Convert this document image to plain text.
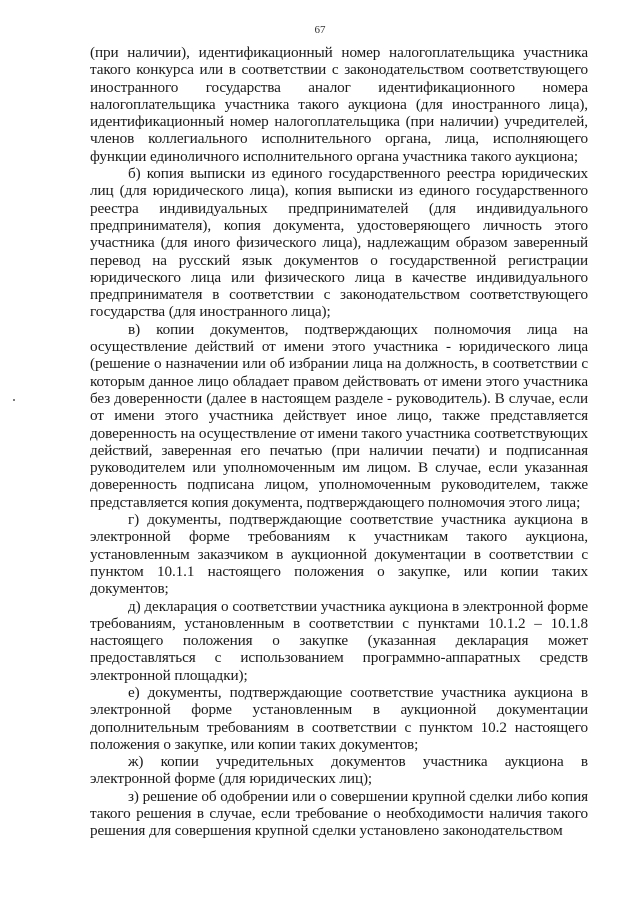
67

(при наличии), идентификационный номер налогоплательщика участника такого конкурса или в соответствии с законодательством соответствующего иностранного государства аналог идентификационного номера налогоплательщика участника такого аукциона (для иностранного лица), идентификационный номер налогоплательщика (при наличии) учредителей, членов коллегиального исполнительного органа, лица, исполняющего функции единоличного исполнительного органа участника такого аукциона;

б) копия выписки из единого государственного реестра юридических лиц (для юридического лица), копия выписки из единого государственного реестра индивидуальных предпринимателей (для индивидуального предпринимателя), копия документа, удостоверяющего личность этого участника (для иного физического лица), надлежащим образом заверенный перевод на русский язык документов о государственной регистрации юридического лица или физического лица в качестве индивидуального предпринимателя в соответствии с законодательством соответствующего государства (для иностранного лица);

в) копии документов, подтверждающих полномочия лица на осуществление действий от имени этого участника - юридического лица (решение о назначении или об избрании лица на должность, в соответствии с которым данное лицо обладает правом действовать от имени этого участника без доверенности (далее в настоящем разделе - руководитель). В случае, если от имени этого участника действует иное лицо, также представляется доверенность на осуществление от имени такого участника соответствующих действий, заверенная его печатью (при наличии печати) и подписанная руководителем или уполномоченным им лицом. В случае, если указанная доверенность подписана лицом, уполномоченным руководителем, также представляется копия документа, подтверждающего полномочия этого лица;

г) документы, подтверждающие соответствие участника аукциона в электронной форме требованиям к участникам такого аукциона, установленным заказчиком в аукционной документации в соответствии с пунктом 10.1.1 настоящего положения о закупке, или копии таких документов;

д) декларация о соответствии участника аукциона в электронной форме требованиям, установленным в соответствии с пунктами 10.1.2 – 10.1.8 настоящего положения о закупке (указанная декларация может предоставляться с использованием программно-аппаратных средств электронной площадки);

е) документы, подтверждающие соответствие участника аукциона в электронной форме установленным в аукционной документации дополнительным требованиям в соответствии с пунктом 10.2 настоящего положения о закупке, или копии таких документов;

ж) копии учредительных документов участника аукциона в электронной форме (для юридических лиц);

з) решение об одобрении или о совершении крупной сделки либо копия такого решения в случае, если требование о необходимости наличия такого решения для совершения крупной сделки установлено законодательством
